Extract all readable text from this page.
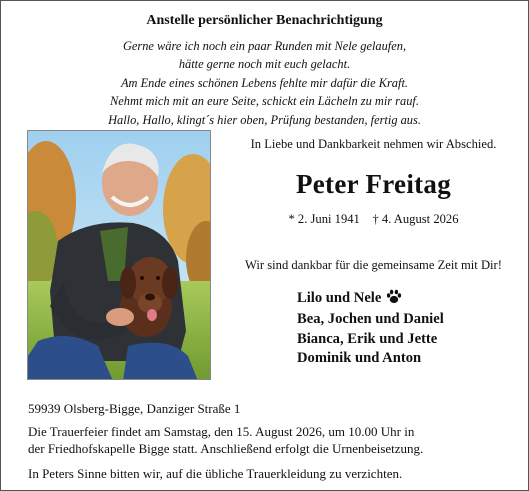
Anstelle persönlicher Benachrichtigung
Gerne wäre ich noch ein paar Runden mit Nele gelaufen,
hätte gerne noch mit euch gelacht.
Am Ende eines schönen Lebens fehlte mir dafür die Kraft.
Nehmt mich mit an eure Seite, schickt ein Lächeln zu mir rauf.
Hallo, Hallo, klingt´s hier oben, Prüfung bestanden, fertig aus.
In Liebe und Dankbarkeit nehmen wir Abschied.
Peter Freitag
* 2. Juni 1941    † 4. August 2026
Wir sind dankbar für die gemeinsame Zeit mit Dir!
Lilo und Nele
Bea, Jochen und Daniel
Bianca, Erik und Jette
Dominik und Anton
59939 Olsberg-Bigge, Danziger Straße 1
Die Trauerfeier findet am Samstag, den 15. August 2026, um 10.00 Uhr in
der Friedhofskapelle Bigge statt. Anschließend erfolgt die Urnenbeisetzung.
In Peters Sinne bitten wir, auf die übliche Trauerkleidung zu verzichten.
